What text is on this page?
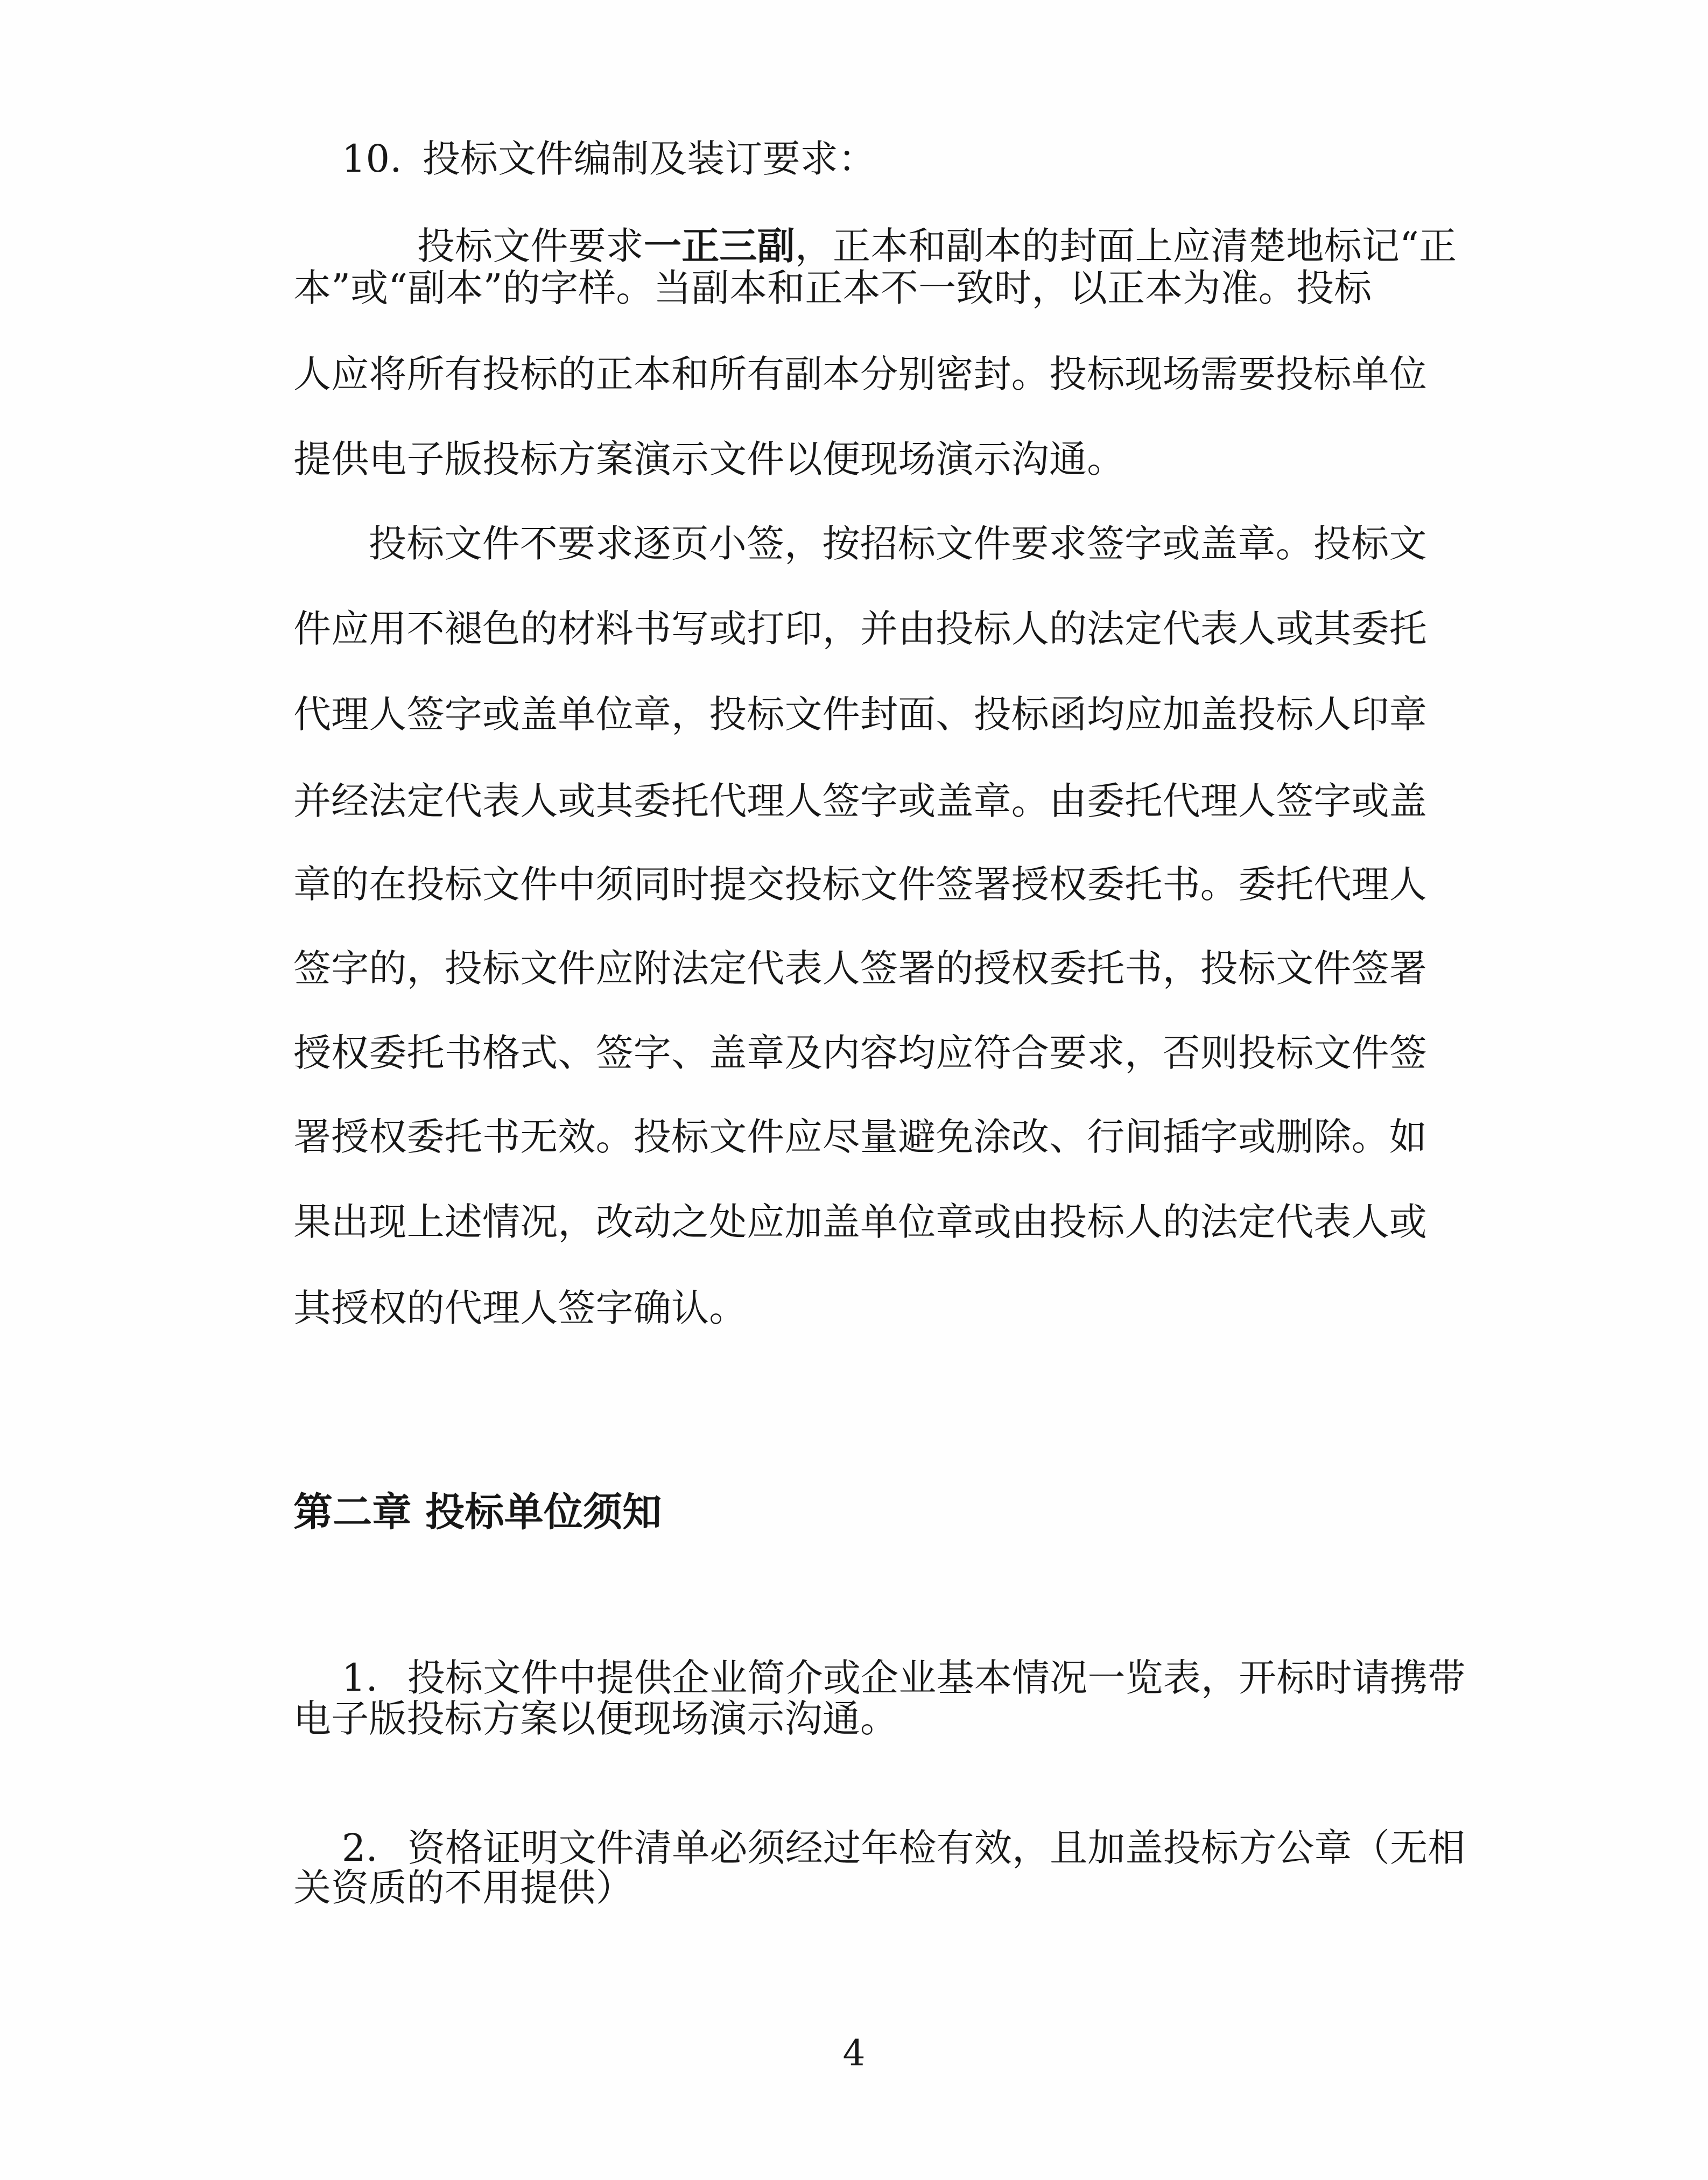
10. 投标文件编制及装订要求：

投标文件要求一正三副，正本和副本的封面上应清楚地标记“正

本”或“副本”的字样。当副本和正本不一致时，以正本为准。投标
人应将所有投标的正本和所有副本分别密封。投标现场需要投标单位
提供电子版投标方案演示文件以便现场演示沟通。
投标文件不要求逐页小签，按招标文件要求签字或盖章。投标文
件应用不褪色的材料书写或打印，并由投标人的法定代表人或其委托
代理人签字或盖单位章，投标文件封面、投标函均应加盖投标人印章
并经法定代表人或其委托代理人签字或盖章。由委托代理人签字或盖
章的在投标文件中须同时提交投标文件签署授权委托书。委托代理人
签字的，投标文件应附法定代表人签署的授权委托书，投标文件签署
授权委托书格式、签字、盖章及内容均应符合要求，否则投标文件签
署授权委托书无效。投标文件应尽量避免涂改、行间插字或删除。如
果出现上述情况，改动之处应加盖单位章或由投标人的法定代表人或
其授权的代理人签字确认。
第二章 投标单位须知

1. 投标文件中提供企业简介或企业基本情况一览表，开标时请携带

电子版投标方案以便现场演示沟通。

2. 资格证明文件清单必须经过年检有效，且加盖投标方公章（无相

关资质的不用提供）
4
